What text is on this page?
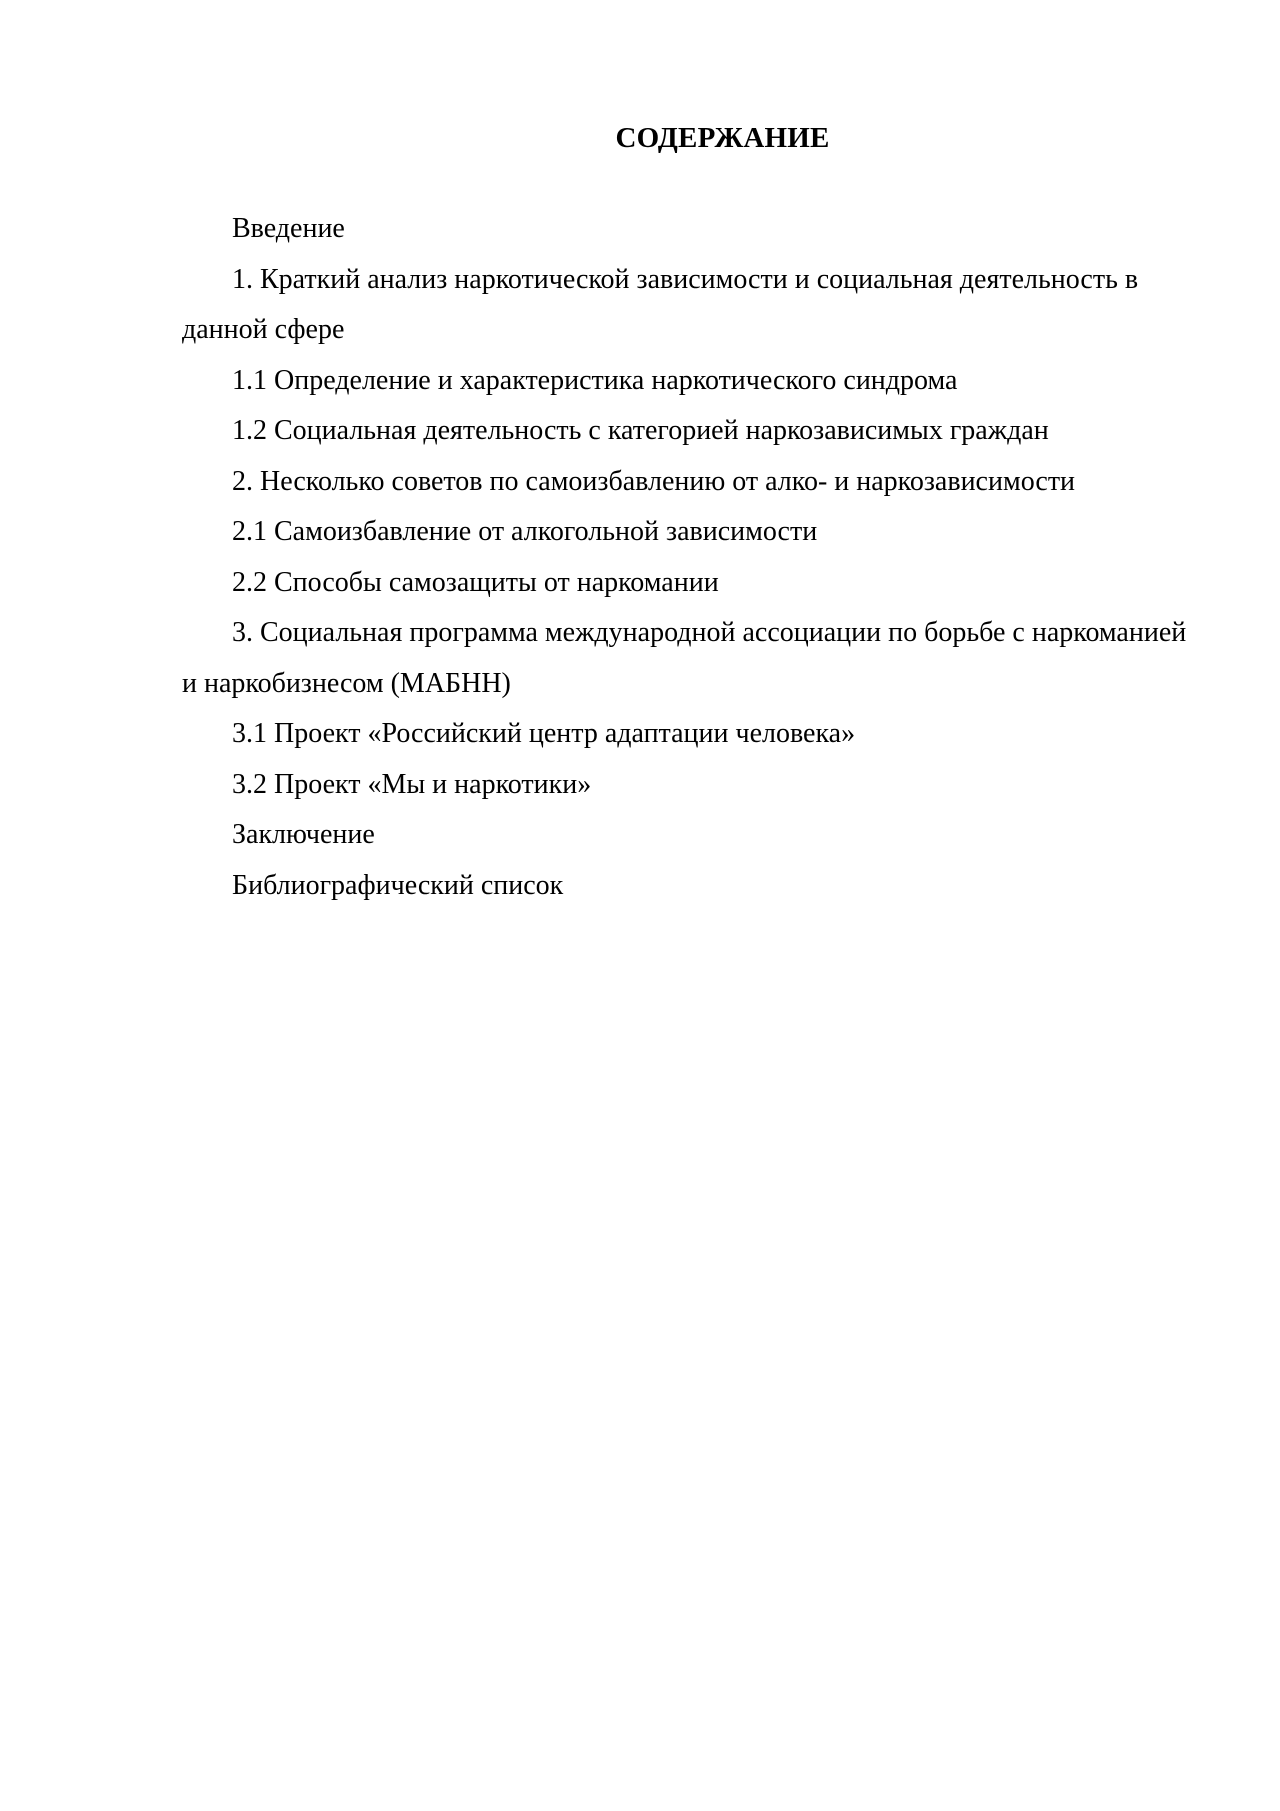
СОДЕРЖАНИЕ

Введение

1. Краткий анализ наркотической зависимости и социальная деятельность в данной сфере

1.1 Определение и характеристика наркотического синдрома

1.2 Социальная деятельность с категорией наркозависимых граждан

2. Несколько советов по самоизбавлению от алко- и наркозависимости

2.1 Самоизбавление от алкогольной зависимости

2.2 Способы самозащиты от наркомании

3. Социальная программа международной ассоциации по борьбе с наркоманией и наркобизнесом (МАБНН)

3.1 Проект «Российский центр адаптации человека»

3.2 Проект «Мы и наркотики»

Заключение

Библиографический список
